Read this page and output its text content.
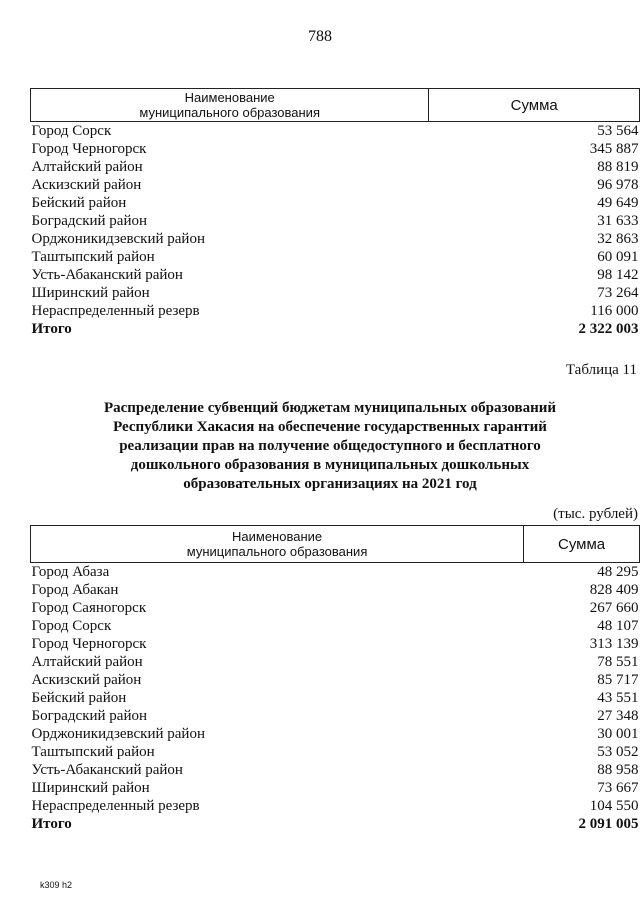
788
Наименование
муниципального образования	Сумма
Город Сорск	53 564
Город Черногорск	345 887
Алтайский район	88 819
Аскизский район	96 978
Бейский район	49 649
Боградский район	31 633
Орджоникидзевский район	32 863
Таштыпский район	60 091
Усть-Абаканский район	98 142
Ширинский район	73 264
Нераспределенный резерв	116 000
Итого	2 322 003
Таблица 11
Распределение субвенций бюджетам муниципальных образований
Республики Хакасия на обеспечение государственных гарантий
реализации прав на получение общедоступного и бесплатного
дошкольного образования в муниципальных дошкольных
образовательных организациях на 2021 год
(тыс. рублей)
Наименование
муниципального образования	Сумма
Город Абаза	48 295
Город Абакан	828 409
Город Саяногорск	267 660
Город Сорск	48 107
Город Черногорск	313 139
Алтайский район	78 551
Аскизский район	85 717
Бейский район	43 551
Боградский район	27 348
Орджоникидзевский район	30 001
Таштыпский район	53 052
Усть-Абаканский район	88 958
Ширинский район	73 667
Нераспределенный резерв	104 550
Итого	2 091 005
k309 h2
